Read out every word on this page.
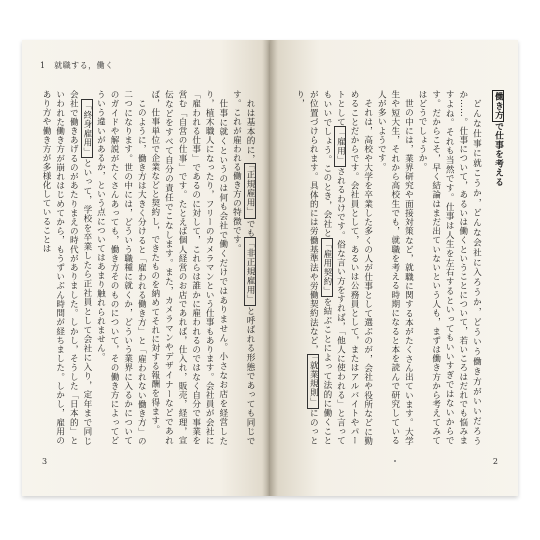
1　就職する，働く

れは基本的に，「正規雇用」でも「非正規雇用」と呼ばれる形態であっても同じです。これが雇われる働き方の特徴です。

仕事に就くというのは何も会社で働くだけではありません。小さなお店を経営したり，植木職人になったり，フリーのカメラマンという仕事もあります。会社員が会社に「雇われる仕事」であるのに対して，これらは誰かに雇われるのではなく自分で事業を営む「自営の仕事」です。たとえば個人経営のお店であれば，仕入れ，販売，経理，宣伝などをすべて自分の責任でこなします。また，カメラマンやデザイナーなどであれば，仕事単位で企業などと契約し，できたものを納めてそれに対する報酬を得ます。

このように，働き方は大きく分けると「雇われる働き方」と「雇われない働き方」の二つになります。世の中には，どういう職種に就くか，どういう業界に入るかについてのガイドや解説がたくさんあっても，働き方そのものについて，その働き方によってどういう違いがあるか，という点についてはあまり触れられません。

「終身雇用」といって，学校を卒業したら正社員として会社に入り，定年まで同じ会社で働きあげるのがあたりまえの時代がありました。しかし，そうした「日本的」といわれた働き方が崩れはじめてから，もうずいぶん時間が経ちました。しかし，雇用のあり方や働き方が多様化していることは

3

働き方で仕事を考える

どんな仕事に就こうか，どんな会社に入ろうか，どういう働き方がいいだろうか……。仕事について，あるいは働くということについて，若いころはだれでも悩みますよね。それも当然です。仕事は人生を左右するといってもいいすぎではないからです。だからこそ，早く結論はまだ出ていないという人も，まずは働き方から考えてみてはどうでしょうか。

世の中には，業界研究や面接対策など，就職に関する本がたくさん出ています。大学生や短大生，それから高校生でも，就職を考える時期になると本を読んで研究している人が多いようです。

それは，高校や大学を卒業した多くの人が仕事として選ぶのが，会社や役所などに勤めることだからです。会社員として，あるいは公務員として，またはアルバイトやパートとして「雇用」されるわけです。俗な言い方をすれば，「他人に使われる」と言ってもいいでしょう。このとき，会社と「雇用契約」を結ぶことによって法的に働くことが位置づけられます。具体的には労働基準法や労働契約法など，「就業規則」にのっとり，

2
